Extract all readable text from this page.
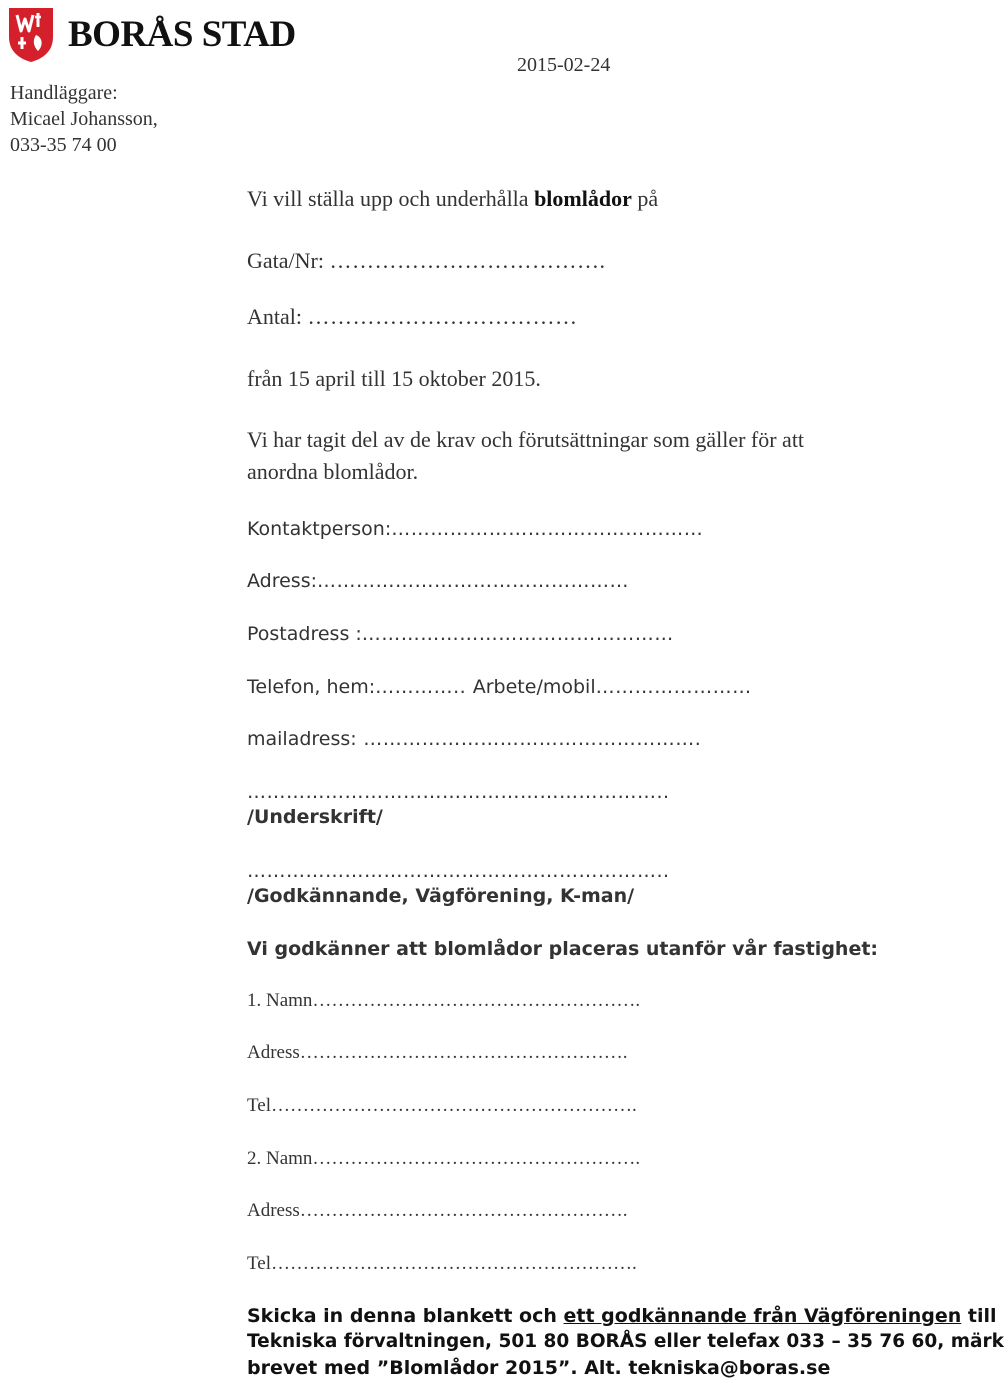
BORÅS STAD
2015-02-24
Handläggare:
Micael Johansson,
033-35 74 00
Vi vill ställa upp och underhålla blomlådor på
Gata/Nr: ……………………………….
Antal: ………………………………
från 15 april till 15 oktober 2015.
Vi har tagit del av de krav och förutsättningar som gäller för att
anordna blomlådor.
Kontaktperson:…………………………………………
Adress:…………………………………………
Postadress :…………………………………………
Telefon, hem:………….. Arbete/mobil……………………
mailadress: …………………………………………….
………………………………………………………..
/Underskrift/
………………………………………………………..
/Godkännande, Vägförening, K-man/
Vi godkänner att blomlådor placeras utanför vår fastighet:
1. Namn…………………………………………….
Adress…………………………………………….
Tel………………………………………………….
2. Namn…………………………………………….
Adress…………………………………………….
Tel………………………………………………….
Skicka in denna blankett och ett godkännande från Vägföreningen till
Tekniska förvaltningen, 501 80 BORÅS eller telefax 033 – 35 76 60, märk
brevet med ”Blomlådor 2015”. Alt. tekniska@boras.se
